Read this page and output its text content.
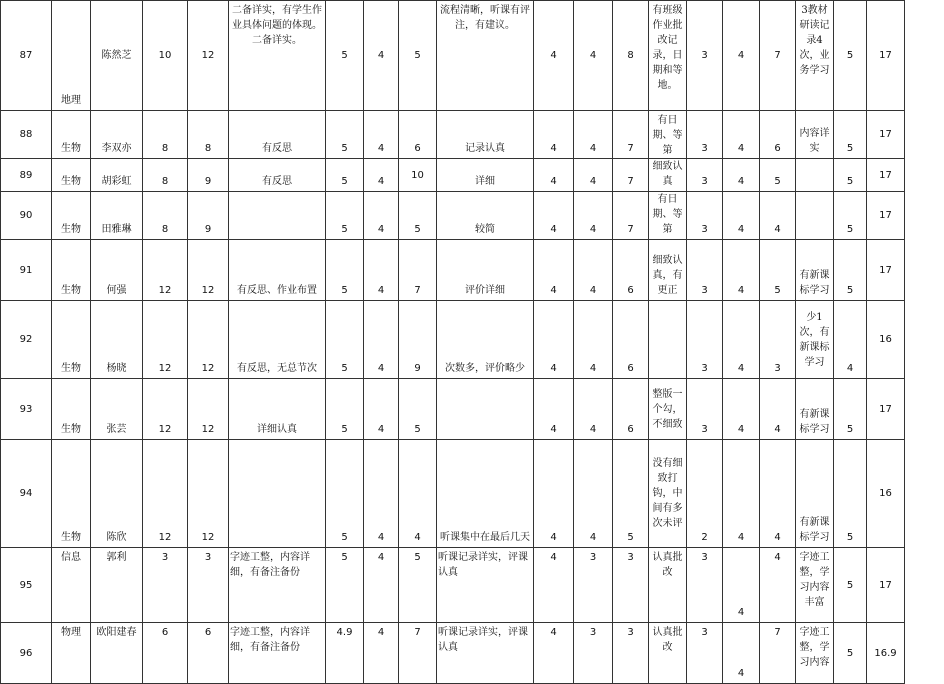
87	地理	陈然芝	10	12	二备详实，有学生作业具体问题的体现。二备详实。	5	4	5	流程清晰，听课有评注，有建议。	4	4	8	有班级作业批改记录，日期和等地。	3	4	7	3教材研读记录4次，业务学习	5	17
88	生物	李双亦	8	8	有反思	5	4	6	记录认真	4	4	7	有日期、等第	3	4	6	内容详实	5	17
89	生物	胡彩虹	8	9	有反思	5	4	10	详细	4	4	7	细致认真	3	4	5		5	17
90	生物	田雅琳	8	9		5	4	5	较简	4	4	7	有日期、等第	3	4	4		5	17
91	生物	何强	12	12	有反思、作业布置	5	4	7	评价详细	4	4	6	细致认真，有更正	3	4	5	有新课标学习	5	17
92	生物	杨晓	12	12	有反思，无总节次	5	4	9	次数多，评价略少	4	4	6		3	4	3	少1次，有新课标学习	4	16
93	生物	张芸	12	12	详细认真	5	4	5		4	4	6	整版一个勾，不细致	3	4	4	有新课标学习	5	17
94	生物	陈欣	12	12		5	4	4	听课集中在最后几天	4	4	5	没有细致打钩，中间有多次未评	2	4	4	有新课标学习	5	16
95	信息	郭利	3	3	字迹工整，内容详细，有备注备份	5	4	5	听课记录详实，评课认真	4	3	3	认真批改	3	4	4	字迹工整，学习内容丰富	5	17
96	物理	欧阳建春	6	6	字迹工整，内容详细，有备注备份	4.9	4	7	听课记录详实，评课认真	4	3	3	认真批改	3	4	7	字迹工整，学习内容	5	16.9
